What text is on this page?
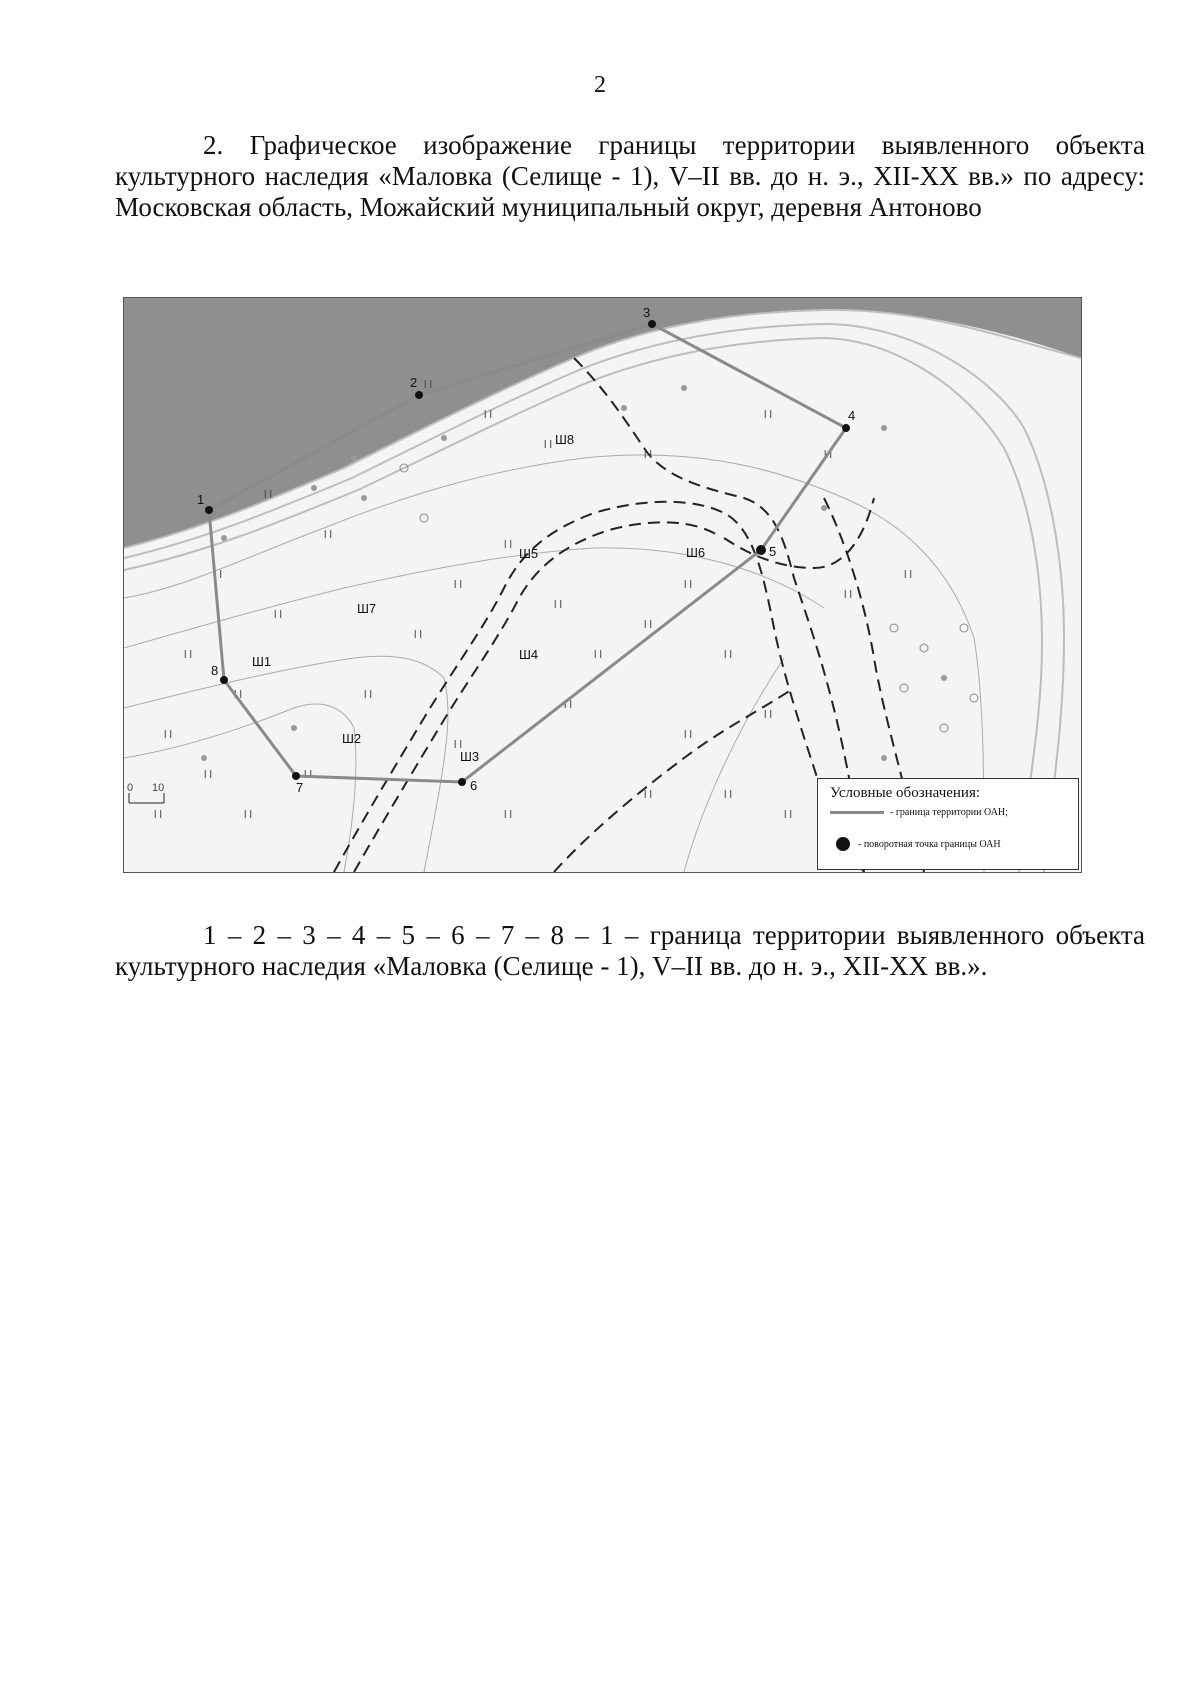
2

2. Графическое изображение границы территории выявленного объекта культурного наследия «Маловка (Селище - 1), V–II вв. до н. э., XII-XX вв.» по адресу: Московская область, Можайский муниципальный округ, деревня Антоново

l l
l l
l l
l l
l l
l l
l l
l l
l l
l l
l l
l l
l l
l l
l l
l l
l l
l l
l l
l l
l l
l l
l l
l l
l l
l l	l l
l l
l l
l l
l l
l l
l l
l l
l l
l l
1
2
3
4
5
6
7
8
Ш1
Ш2
Ш3
Ш4
Ш5	Ш6
Ш7
Ш8
0 10	Условные обозначения:
- граница территории ОАН;
- поворотная точка границы ОАН

1 – 2 – 3 – 4 – 5 – 6 – 7 – 8 – 1 – граница территории выявленного объекта культурного наследия «Маловка (Селище - 1), V–II вв. до н. э., XII-XX вв.».
